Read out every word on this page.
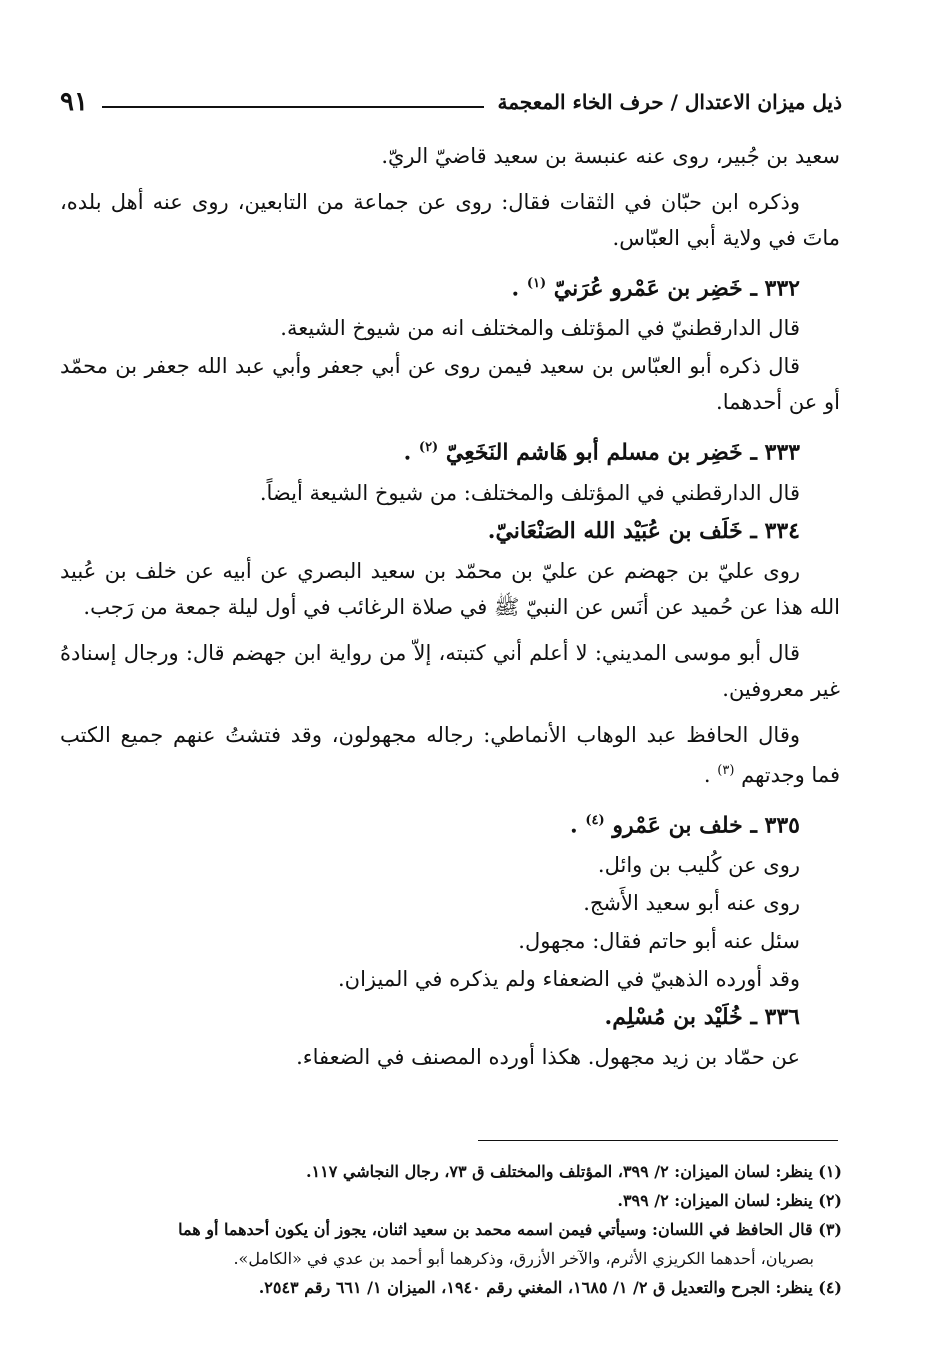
ذيل ميزان الاعتدال / حرف الخاء المعجمة
٩١

سعيد بن جُبير، روى عنه عنبسة بن سعيد قاضيّ الريّ.

وذكره ابن حبّان في الثقات فقال: روى عن جماعة من التابعين، روى عنه أهل بلده، ماتَ في ولاية أبي العبّاس.

٣٣٢ ـ خَضِر بن عَمْرو عُرَنيّ $^{(١)}$ .

قال الدارقطنيّ في المؤتلف والمختلف انه من شيوخ الشيعة.

قال ذكره أبو العبّاس بن سعيد فيمن روى عن أبي جعفر وأبي عبد الله جعفر بن محمّد أو عن أحدهما.

٣٣٣ ـ خَضِر بن مسلم أبو هَاشم النَخَعِيّ $^{(٢)}$ .

قال الدارقطني في المؤتلف والمختلف: من شيوخ الشيعة أيضاً.

٣٣٤ ـ خَلَف بن عُبَيْد الله الصَنْعَانيّ.

روى عليّ بن جهضم عن عليّ بن محمّد بن سعيد البصري عن أبيه عن خلف بن عُبيد الله هذا عن حُميد عن أنَس عن النبيّ ﷺ في صلاة الرغائب في أول ليلة جمعة من رَجب.

قال أبو موسى المديني: لا أعلم أني كتبته، إلاّ من رواية ابن جهضم قال: ورجال إسنادهُ غير معروفين.

وقال الحافظ عبد الوهاب الأنماطي: رجاله مجهولون، وقد فتشتُ عنهم جميع الكتب فما وجدتهم $^{(٣)}$ .

٣٣٥ ـ خلف بن عَمْرو $^{(٤)}$ .

روى عن كُليب بن وائل.

روى عنه أبو سعيد الأَشج.

سئل عنه أبو حاتم فقال: مجهول.

وقد أورده الذهبيّ في الضعفاء ولم يذكره في الميزان.

٣٣٦ ـ خُلَيْد بن مُسْلِم.

عن حمّاد بن زيد مجهول. هكذا أورده المصنف في الضعفاء.

(١) ينظر: لسان الميزان: ٢/ ٣٩٩، المؤتلف والمختلف ق ٧٣، رجال النجاشي ١١٧.

(٢) ينظر: لسان الميزان: ٢/ ٣٩٩.

(٣) قال الحافظ في اللسان: وسيأتي فيمن اسمه محمد بن سعيد اثنان، يجوز أن يكون أحدهما أو هما

بصريان، أحدهما الكريزي الأثرم، والآخر الأزرق، وذكرهما أبو أحمد بن عدي في «الكامل».

(٤) ينظر: الجرح والتعديل ق ٢/ ١/ ١٦٨٥، المغني رقم ١٩٤٠، الميزان ١/ ٦٦١ رقم ٢٥٤٣.
